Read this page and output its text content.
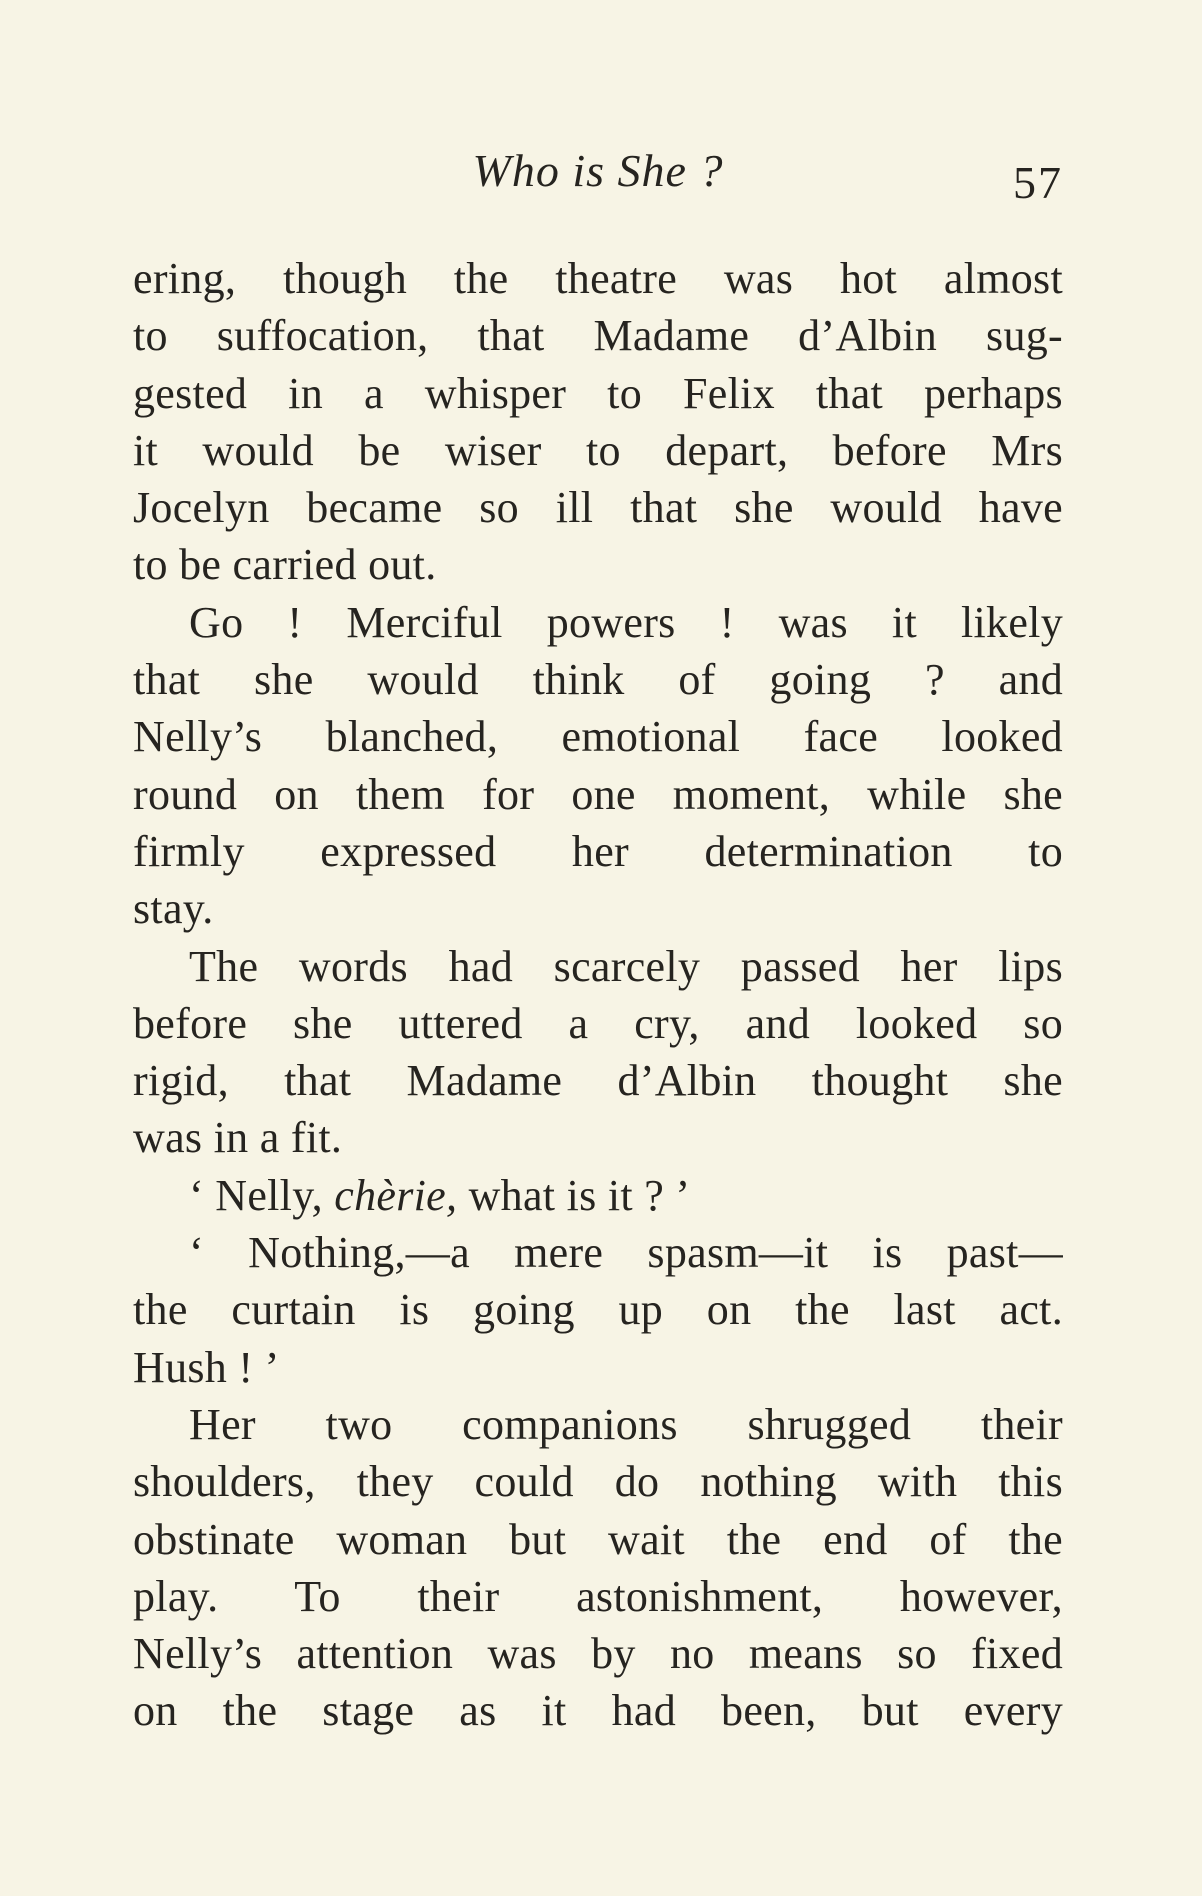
Who is She ?	57
ering, though the theatre was hot almost
to suffocation, that Madame d’Albin sug-
gested in a whisper to Felix that perhaps
it would be wiser to depart, before Mrs
Jocelyn became so ill that she would have
to be carried out.
Go ! Merciful powers ! was it likely
that she would think of going ? and
Nelly’s blanched, emotional face looked
round on them for one moment, while she
firmly expressed her determination to
stay.
The words had scarcely passed her lips
before she uttered a cry, and looked so
rigid, that Madame d’Albin thought she
was in a fit.
‘ Nelly, chèrie, what is it ? ’
‘ Nothing,—a mere spasm—it is past—
the curtain is going up on the last act.
Hush ! ’
Her two companions shrugged their
shoulders, they could do nothing with this
obstinate woman but wait the end of the
play. To their astonishment, however,
Nelly’s attention was by no means so fixed
on the stage as it had been, but every
